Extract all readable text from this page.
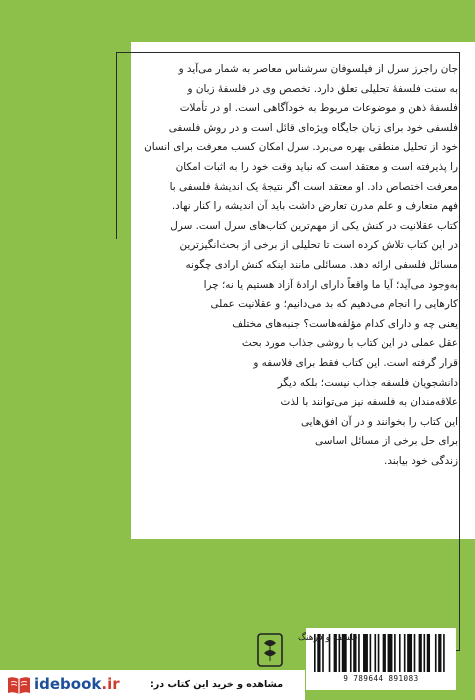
جان راجرز سرل از فیلسوفان سرشناس معاصر به شمار می‌آید و

به سنت فلسفهٔ تحلیلی تعلق دارد. تخصص وی در فلسفهٔ زبان و

فلسفهٔ ذهن و موضوعات مربوط به خودآگاهی است. او در تأملات

فلسفی خود برای زبان جایگاه ویژه‌ای قائل است و در روش فلسفی

خود از تحلیل منطقی بهره می‌برد. سرل امکان کسب معرفت برای انسان

را پذیرفته است و معتقد است که نباید وقت خود را به اثبات امکان

معرفت اختصاص داد. او معتقد است اگر نتیجهٔ یک اندیشهٔ فلسفی با

فهم متعارف و علم مدرن تعارض داشت باید آن اندیشه را کنار نهاد.

کتاب عقلانیت در کنش یکی از مهم‌ترین کتاب‌های سرل است. سرل

در این کتاب تلاش کرده است تا تحلیلی از برخی از بحث‌انگیزترین

مسائل فلسفی ارائه دهد. مسائلی مانند اینکه کنش ارادی چگونه

به‌وجود می‌آید؛ آیا ما واقعاً دارای ارادهٔ آزاد هستیم یا نه؛ چرا

کارهایی را انجام می‌دهیم که بد می‌دانیم؛ و عقلانیت عملی

یعنی چه و دارای کدام مؤلفه‌هاست؟ جنبه‌های مختلف

عقل عملی در این کتاب با روشی جذاب مورد بحث

قرار گرفته است. این کتاب فقط برای فلاسفه و

دانشجویان فلسفه جذاب نیست؛ بلکه دیگر

علاقه‌مندان به فلسفه نیز می‌توانند با لذت

این کتاب را بخوانند و در آن افق‌هایی

برای حل برخی از مسائل اساسی

زندگی خود بیابند.

9 789644 891083
فلسفه و فرهنگ
idebook.ir	مشاهده و خرید این کتاب در:
